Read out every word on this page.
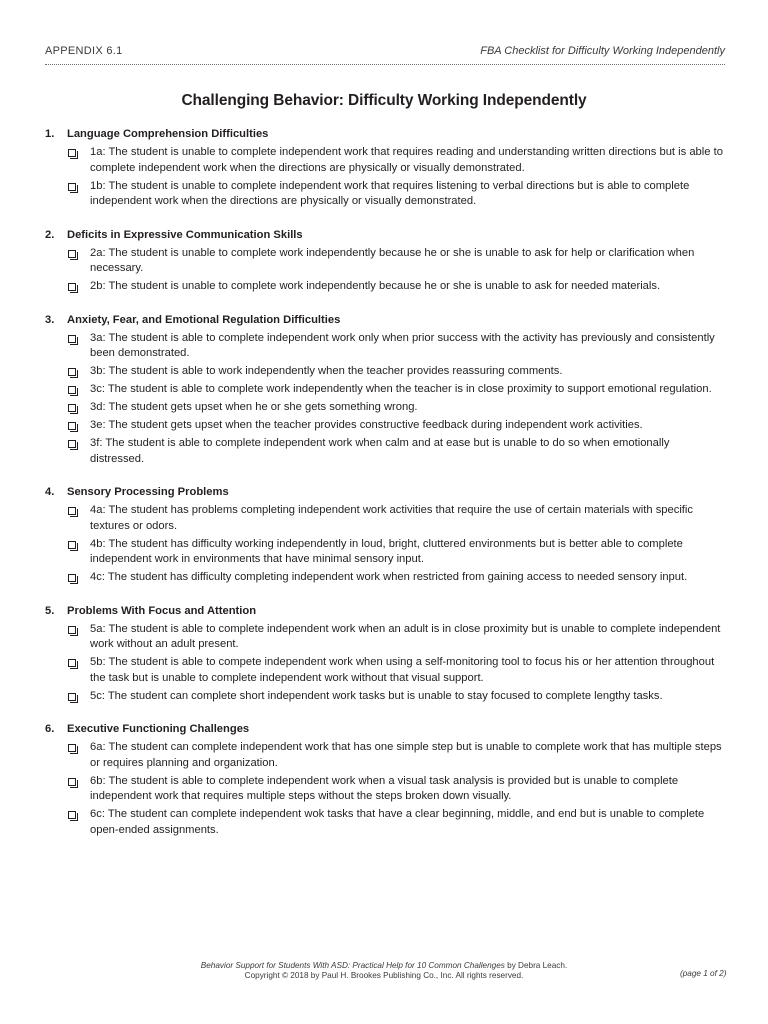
APPENDIX 6.1	FBA Checklist for Difficulty Working Independently
Challenging Behavior: Difficulty Working Independently
1. Language Comprehension Difficulties
1a: The student is unable to complete independent work that requires reading and understanding written directions but is able to complete independent work when the directions are physically or visually demonstrated.
1b: The student is unable to complete independent work that requires listening to verbal directions but is able to complete independent work when the directions are physically or visually demonstrated.
2. Deficits in Expressive Communication Skills
2a: The student is unable to complete work independently because he or she is unable to ask for help or clarification when necessary.
2b: The student is unable to complete work independently because he or she is unable to ask for needed materials.
3. Anxiety, Fear, and Emotional Regulation Difficulties
3a: The student is able to complete independent work only when prior success with the activity has previously and consistently been demonstrated.
3b: The student is able to work independently when the teacher provides reassuring comments.
3c: The student is able to complete work independently when the teacher is in close proximity to support emotional regulation.
3d: The student gets upset when he or she gets something wrong.
3e: The student gets upset when the teacher provides constructive feedback during independent work activities.
3f: The student is able to complete independent work when calm and at ease but is unable to do so when emotionally distressed.
4. Sensory Processing Problems
4a: The student has problems completing independent work activities that require the use of certain materials with specific textures or odors.
4b: The student has difficulty working independently in loud, bright, cluttered environments but is better able to complete independent work in environments that have minimal sensory input.
4c: The student has difficulty completing independent work when restricted from gaining access to needed sensory input.
5. Problems With Focus and Attention
5a: The student is able to complete independent work when an adult is in close proximity but is unable to complete independent work without an adult present.
5b: The student is able to compete independent work when using a self-monitoring tool to focus his or her attention throughout the task but is unable to complete independent work without that visual support.
5c: The student can complete short independent work tasks but is unable to stay focused to complete lengthy tasks.
6. Executive Functioning Challenges
6a: The student can complete independent work that has one simple step but is unable to complete work that has multiple steps or requires planning and organization.
6b: The student is able to complete independent work when a visual task analysis is provided but is unable to complete independent work that requires multiple steps without the steps broken down visually.
6c: The student can complete independent wok tasks that have a clear beginning, middle, and end but is unable to complete open-ended assignments.
Behavior Support for Students With ASD: Practical Help for 10 Common Challenges by Debra Leach.
Copyright © 2018 by Paul H. Brookes Publishing Co., Inc. All rights reserved.	(page 1 of 2)
